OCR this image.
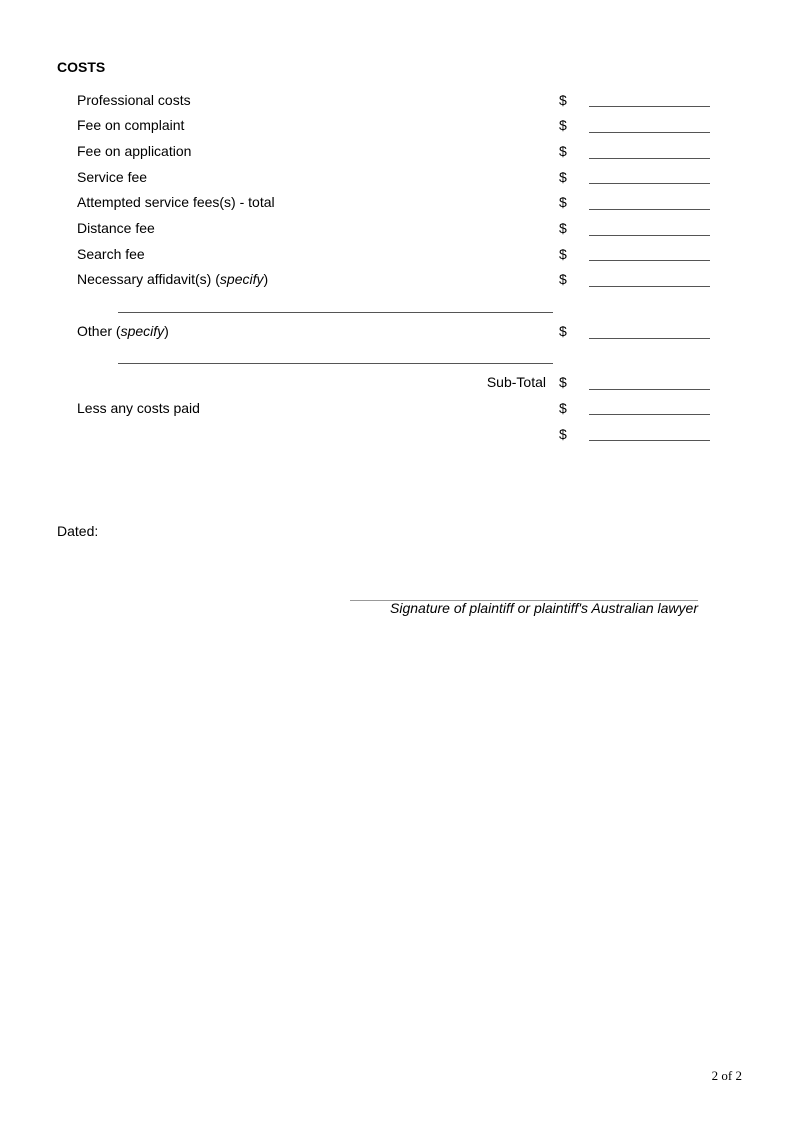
COSTS
Professional costs	$
Fee on complaint	$
Fee on application	$
Service fee	$
Attempted service fees(s) - total	$
Distance fee	$
Search fee	$
Necessary affidavit(s) (specify)	$
Other (specify)	$
Sub-Total $
Less any costs paid	$
$
Dated:
Signature of plaintiff or plaintiff's Australian lawyer
2 of 2
